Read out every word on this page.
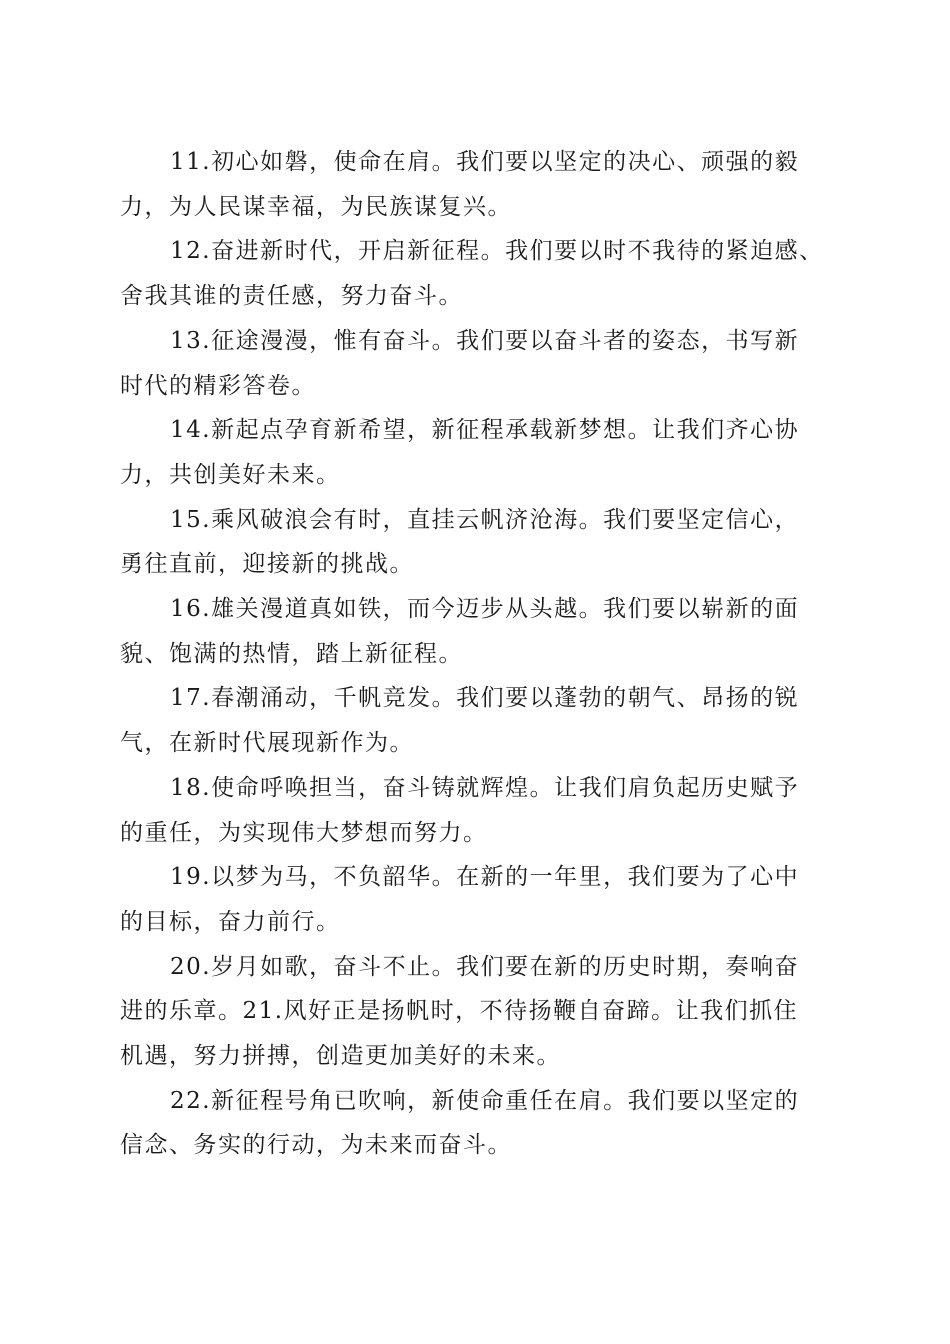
11.初心如磐，使命在肩。我们要以坚定的决心、顽强的毅
力，为人民谋幸福，为民族谋复兴。

12.奋进新时代，开启新征程。我们要以时不我待的紧迫感、
舍我其谁的责任感，努力奋斗。

13.征途漫漫，惟有奋斗。我们要以奋斗者的姿态，书写新
时代的精彩答卷。

14.新起点孕育新希望，新征程承载新梦想。让我们齐心协
力，共创美好未来。

15.乘风破浪会有时，直挂云帆济沧海。我们要坚定信心，
勇往直前，迎接新的挑战。

16.雄关漫道真如铁，而今迈步从头越。我们要以崭新的面
貌、饱满的热情，踏上新征程。

17.春潮涌动，千帆竞发。我们要以蓬勃的朝气、昂扬的锐
气，在新时代展现新作为。

18.使命呼唤担当，奋斗铸就辉煌。让我们肩负起历史赋予
的重任，为实现伟大梦想而努力。

19.以梦为马，不负韶华。在新的一年里，我们要为了心中
的目标，奋力前行。

20.岁月如歌，奋斗不止。我们要在新的历史时期，奏响奋
进的乐章。21.风好正是扬帆时，不待扬鞭自奋蹄。让我们抓住
机遇，努力拼搏，创造更加美好的未来。

22.新征程号角已吹响，新使命重任在肩。我们要以坚定的
信念、务实的行动，为未来而奋斗。
